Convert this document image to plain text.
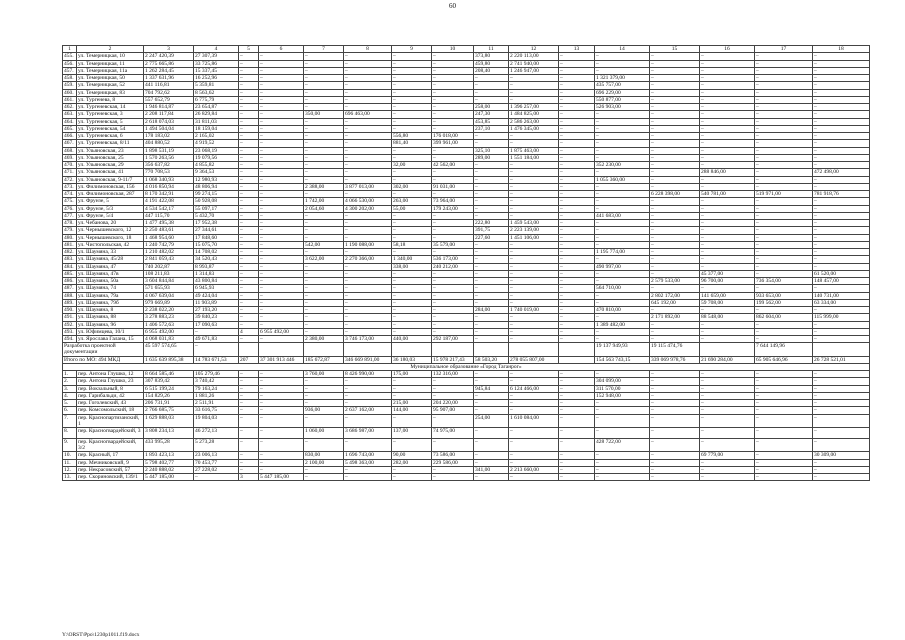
60
1	2	3	4	5	6	7	8	9	10	11	12	13	14	15	16	17	18
455.	ул. Темерницкая, 10	2 247 420,39	27 307,39	–	–	–	–	–	–	373,80	2 220 113,00	–	–	–	–	–	–
456.	ул. Темерницкая, 11	2 775 665,86	33 725,86	–	–	–	–	–	–	459,80	2 741 940,00	–	–	–	–	–	–
457.	ул. Темерницкая, 11а	1 262 284,45	15 337,45	–	–	–	–	–	–	208,40	1 246 947,00	–	–	–	–	–	–
458.	ул. Темерницкая, 50	1 337 631,96	16 252,96	–	–	–	–	–	–	–	–	–	1 321 379,00	–	–	–	–
459.	ул. Темерницкая, 52	441 116,81	5 359,81	–	–	–	–	–	–	–	–	–	435 757,00	–	–	–	–
460.	ул. Темерницкая, 83	704 792,62	8 563,62	–	–	–	–	–	–	–	–	–	696 229,00	–	–	–	–
461.	ул. Тургенева, 8	557 652,79	6 775,79	–	–	–	–	–	–	–	–	–	550 877,00	–	–	–	–
462.	ул. Тургеневская, 14	1 946 814,87	23 654,87	–	–	–	–	–	–	258,00	1 396 257,00	–	526 903,00	–	–	–	–
463.	ул. Тургеневская, 3	2 208 117,84	26 829,84	–	–	350,00	696 463,00	–	–	247,30	1 484 825,00	–	–	–	–	–	–
464.	ул. Тургеневская, 5	2 618 074,03	31 811,03	–	–	–	–	–	–	453,85	2 586 263,00	–	–	–	–	–	–
465.	ул. Тургеневская, 54	1 494 504,04	18 159,04	–	–	–	–	–	–	237,10	1 476 345,00	–	–	–	–	–	–
466.	ул. Тургеневская, 6	178 183,02	2 165,02	–	–	–	–	556,80	176 018,00	–	–	–	–	–	–	–	–
467.	ул. Тургеневская, 8/11	404 880,52	4 919,52	–	–	–	–	881,40	399 961,00	–	–	–	–	–	–	–	–
468.	ул. Ульяновская, 23	1 898 531,19	23 068,19	–	–	–	–	–	–	325,10	1 875 463,00	–	–	–	–	–	–
469.	ул. Ульяновская, 25	1 570 263,56	19 079,56	–	–	–	–	–	–	289,00	1 551 184,00	–	–	–	–	–	–
470.	ул. Ульяновская, 29	356 637,82	4 855,82	–	–	–	–	32,00	42 562,00	–	–	–	352 230,00	–	–	–	–
471.	ул. Ульяновская, 41	770 708,53	9 364,53	–	–	–	–	–	–	–	–	–	–	–	288 846,00	–	472 498,00
472.	ул. Ульяновская, 9-11/7	1 068 340,93	12 980,93	–	–	–	–	–	–	–	–	–	1 055 360,00	–	–	–	–
473.	ул. Филимоновская, 156	4 016 850,94	48 806,94	–	–	2 388,00	3 877 013,00	302,00	91 031,00	–	–	–	–	–	–	–	–
474.	ул. Филимоновская, 287	8 170 342,91	99 274,15	–	–	–	–	–	–	–	–	–	–	6 228 398,00	540 781,00	519 971,00	781 918,76
475.	ул. Фрунзе, 5	4 191 422,08	50 928,08	–	–	1 742,00	4 066 530,00	263,00	73 964,00	–	–	–	–	–	–	–	–
476.	ул. Фрунзе, 5/3	4 534 542,17	55 097,17	–	–	2 054,60	4 300 202,00	55,00	179 243,00	–	–	–	–	–	–	–	–
477.	ул. Фрунзе, 5/4	447 115,70	5 432,70	–	–	–	–	–	–	–	–	–	441 683,00	–	–	–	–
478.	ул. Чебанова, 20	1 477 495,38	17 952,38	–	–	–	–	–	–	222,80	1 459 543,00	–	–	–	–	–	–
479.	ул. Чернышевского, 12	2 250 483,61	27 344,61	–	–	–	–	–	–	391,75	2 223 139,00	–	–	–	–	–	–
480.	ул. Чернышевского, 18	1 468 954,60	17 848,60	–	–	–	–	–	–	227,60	1 451 106,00	–	–	–	–	–	–
481.	ул. Чистопольская, 42	1 240 742,79	15 075,70	–	–	542,00	1 190 088,00	58,18	35 579,00	–	–	–	–	–	–	–	–
482.	ул. Шаумяна, 33	1 210 482,02	14 708,02	–	–	–	–	–	–	–	–	–	1 195 774,00	–	–	–	–
483.	ул. Шаумяна, 45/28	2 841 059,43	34 520,43	–	–	3 622,00	2 270 366,00	1 340,00	536 173,00	–	–	–	–	–	–	–	–
484.	ул. Шаумяна, 47	740 202,87	8 993,87	–	–	–	–	338,00	240 212,00	–	–	–	490 997,00	–	–	–	–
485.	ул. Шаумяна, 47в	108 211,83	1 314,83	–	–	–	–	–	–	–	–	–	–	–	45 377,00	–	61 520,00
486.	ул. Шаумяна, 50а	3 604 844,84	43 800,84	–	–	–	–	–	–	–	–	–	–	2 579 533,00	96 700,00	736 354,00	148 457,00
487.	ул. Шаумяна, 74	571 655,93	6 945,93	–	–	–	–	–	–	–	–	–	564 710,00	–	–	–	–
488.	ул. Шаумяна, 79а	4 067 639,04	49 424,04	–	–	–	–	–	–	–	–	–	–	2 802 172,00	141 659,00	933 653,00	140 731,00
489.	ул. Шаумяна, 79б	979 669,89	11 903,89	–	–	–	–	–	–	–	–	–	–	645 192,00	59 708,00	199 562,00	63 334,00
490.	ул. Шаумяна, 8	2 238 022,20	27 193,20	–	–	–	–	–	–	284,00	1 740 019,00	–	470 810,00	–	–	–	–
491.	ул. Шаумяна, 88	3 278 883,23	39 840,23	–	–	–	–	–	–	–	–	–	–	2 171 892,00	88 548,00	862 604,00	115 999,00
492.	ул. Шаумяна, 96	1 406 572,63	17 090,63	–	–	–	–	–	–	–	–	–	1 389 482,00	–	–	–	–
493.	ул. Юфимцева, 10/1	6 955 492,00	–	4	6 955 492,00	–	–	–	–	–	–	–	–	–	–	–	–
494.	ул. Ярослава Галана, 15	4 068 031,83	49 671,83	–	–	2 380,00	3 746 173,00	440,00	292 187,00	–	–	–	–	–	–	–	–
Разработка проектной документации		45 597 574,65	–										19 137 949,93	19 115 474,76		7 644 149,96	
Итого по МО: 494 МКД		1 635 639 895,38	14 783 671,53	207	37 301 913 446	185 672,87	346 669 891,00	36 180,03	15 978 217,43	58 503,20	278 055 807,00		154 563 743,15	339 069 978,76	21 690 284,00	65 905 646,96	26 728 521,01
Муниципальное образование «Город Таганрог»																	
1.	пер. Антона Глушко, 12	8 664 585,46	105 279,46	–	–	3 760,00	8 426 990,00	175,00	132 316,00	–	–	–	–	–	–	–	–
2.	пер. Антона Глушко, 23	307 839,42	3 740,42	–	–	–	–	–	–	–	–	–	304 099,00	–	–	–	–
3.	пер. Вокзальный, 8	6 515 199,24	79 163,24	–	–	–	–	–	–	945,84	6 124 466,00	–	311 570,00	–	–	–	–
4.	пер. Гарибальди, 42	154 829,26	1 881,26	–	–	–	–	–	–	–	–	–	152 948,00	–	–	–	–
5.	пер. Гоголевский, 43	206 731,91	2 511,91	–	–	–	–	215,00	204 220,00	–	–	–	–	–	–	–	–
6.	пер. Комсомольский, 18	2 766 685,75	33 616,75	–	–	936,00	2 637 162,00	144,00	95 907,00	–	–	–	–	–	–	–	–
7.	пер. Краснопартизанский, 1	1 629 888,03	19 804,03	–	–	–	–	–	–	254,00	1 610 084,00	–	–	–	–	–	–
8.	пер. Красногвардейский, 3	3 808 234,13	46 272,13	–	–	1 060,00	3 686 987,00	137,00	74 975,00	–	–	–	–	–	–	–	–
9.	пер. Красногвардейский, 3/2	433 995,28	5 273,28	–	–	–	–	–	–	–	–	–	428 722,00	–	–	–	–
10.	пер. Красный, 17	1 893 423,13	23 006,13	–	–	830,00	1 696 743,00	90,00	73 586,00	–	–	–	–	–	69 779,00	–	30 309,00
11.	пер. Мечниковский, 9	5 798 402,77	70 453,77	–	–	2 100,00	5 498 363,00	282,00	229 586,00	–	–	–	–	–	–	–	–
12.	пер. Некрасовский, 57	2 240 888,02	27 228,02	–	–	–	–	–	–	341,00	2 213 660,00	–	–	–	–	–	–
13.	пер. Скориновский, 139/1	5 447 185,00	–	3	5 447 185,00	–	–	–	–	–	–	–	–	–	–	–	–
Y:\ORST\Ppo\1230p1011.f19.docx
